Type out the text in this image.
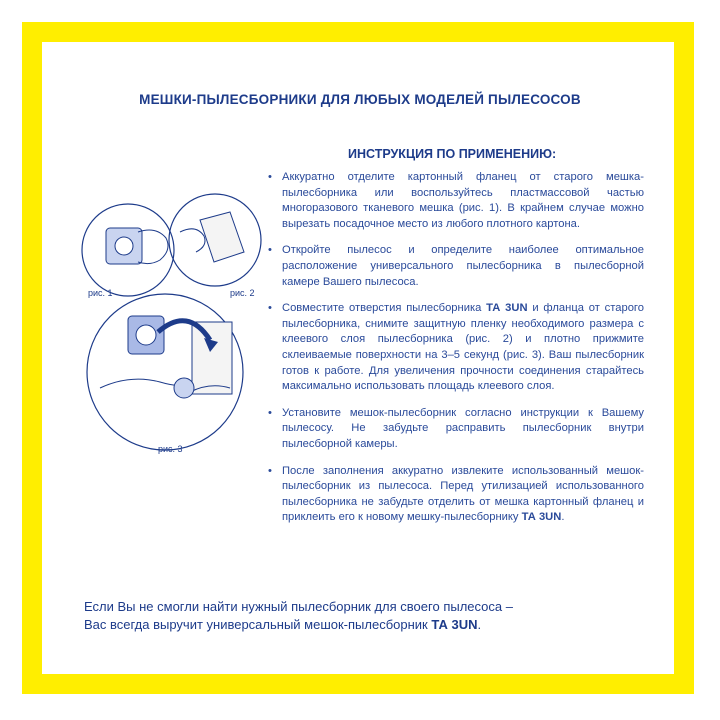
МЕШКИ-ПЫЛЕСБОРНИКИ ДЛЯ ЛЮБЫХ МОДЕЛЕЙ ПЫЛЕСОСОВ
ИНСТРУКЦИЯ ПО ПРИМЕНЕНИЮ:
рис. 1	рис. 2
рис. 3
• Аккуратно отделите картонный фланец от старого мешка-пылесборника или воспользуйтесь пластмассовой частью многоразового тканевого мешка (рис. 1). В крайнем случае можно вырезать посадочное место из любого плотного картона.
• Откройте пылесос и определите наиболее оптимальное расположение универсального пылесборника в пылесборной камере Вашего пылесоса.
• Совместите отверстия пылесборника ТА 3UN и фланца от старого пылесборника, снимите защитную пленку необходимого размера с клеевого слоя пылесборника (рис. 2) и плотно прижмите склеиваемые поверхности на 3–5 секунд (рис. 3). Ваш пылесборник готов к работе. Для увеличения прочности соединения старайтесь максимально использовать площадь клеевого слоя.
• Установите мешок-пылесборник согласно инструкции к Вашему пылесосу. Не забудьте расправить пылесборник внутри пылесборной камеры.
• После заполнения аккуратно извлеките использованный мешок-пылесборник из пылесоса. Перед утилизацией использованного пылесборника не забудьте отделить от мешка картонный фланец и приклеить его к новому мешку-пылесборнику ТА 3UN.
Если Вы не смогли найти нужный пылесборник для своего пылесоса –
Вас всегда выручит универсальный мешок-пылесборник ТА 3UN.
